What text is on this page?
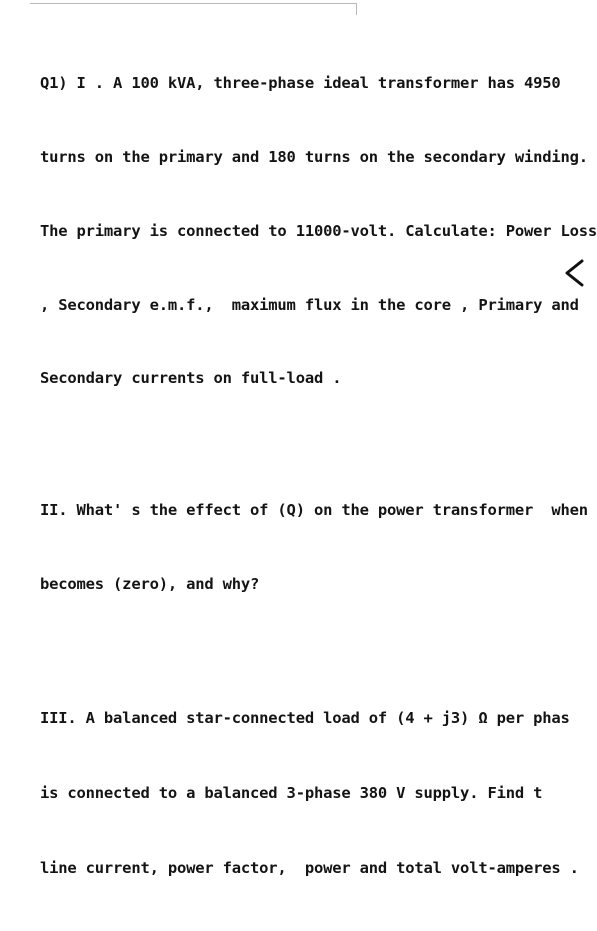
Q1) I . A 100 kVA, three-phase ideal transformer has 4950

turns on the primary and 180 turns on the secondary winding.

The primary is connected to 11000-volt. Calculate: Power Loss

, Secondary e.m.f.,  maximum flux in the core , Primary and

Secondary currents on full-load .

II. What' s the effect of (Q) on the power transformer  when

becomes (zero), and why?

III. A balanced star-connected load of (4 + j3) Ω per phas

is connected to a balanced 3-phase 380 V supply. Find t

line current, power factor,  power and total volt-amperes .
